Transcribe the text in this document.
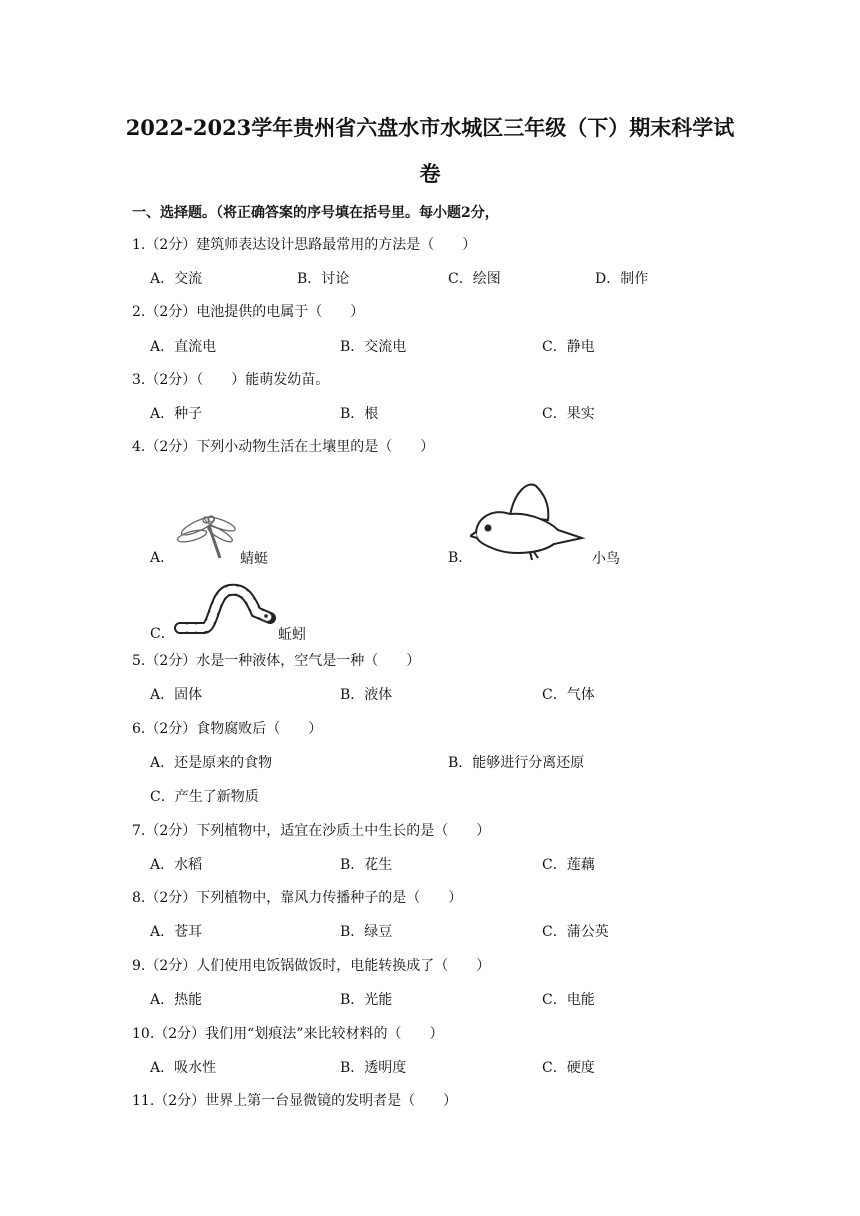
2022-2023学年贵州省六盘水市水城区三年级（下）期末科学试
卷
一、选择题。（将正确答案的序号填在括号里。每小题2分，
1.（2分）建筑师表达设计思路最常用的方法是（　　）
A．交流	B．讨论	C．绘图	D．制作
2.（2分）电池提供的电属于（　　）
A．直流电	B．交流电	C．静电
3.（2分）（　　）能萌发幼苗。
A．种子	B．根	C．果实
4.（2分）下列小动物生活在土壤里的是（　　）
A．	蜻蜓	B．	小鸟
C．	蚯蚓
5.（2分）水是一种液体，空气是一种（　　）
A．固体	B．液体	C．气体
6.（2分）食物腐败后（　　）
A．还是原来的食物	B．能够进行分离还原
C．产生了新物质
7.（2分）下列植物中，适宜在沙质土中生长的是（　　）
A．水稻	B．花生	C．莲藕
8.（2分）下列植物中，靠风力传播种子的是（　　）
A．苍耳	B．绿豆	C．蒲公英
9.（2分）人们使用电饭锅做饭时，电能转换成了（　　）
A．热能	B．光能	C．电能
10.（2分）我们用“划痕法”来比较材料的（　　）
A．吸水性	B．透明度	C．硬度
11.（2分）世界上第一台显微镜的发明者是（　　）
